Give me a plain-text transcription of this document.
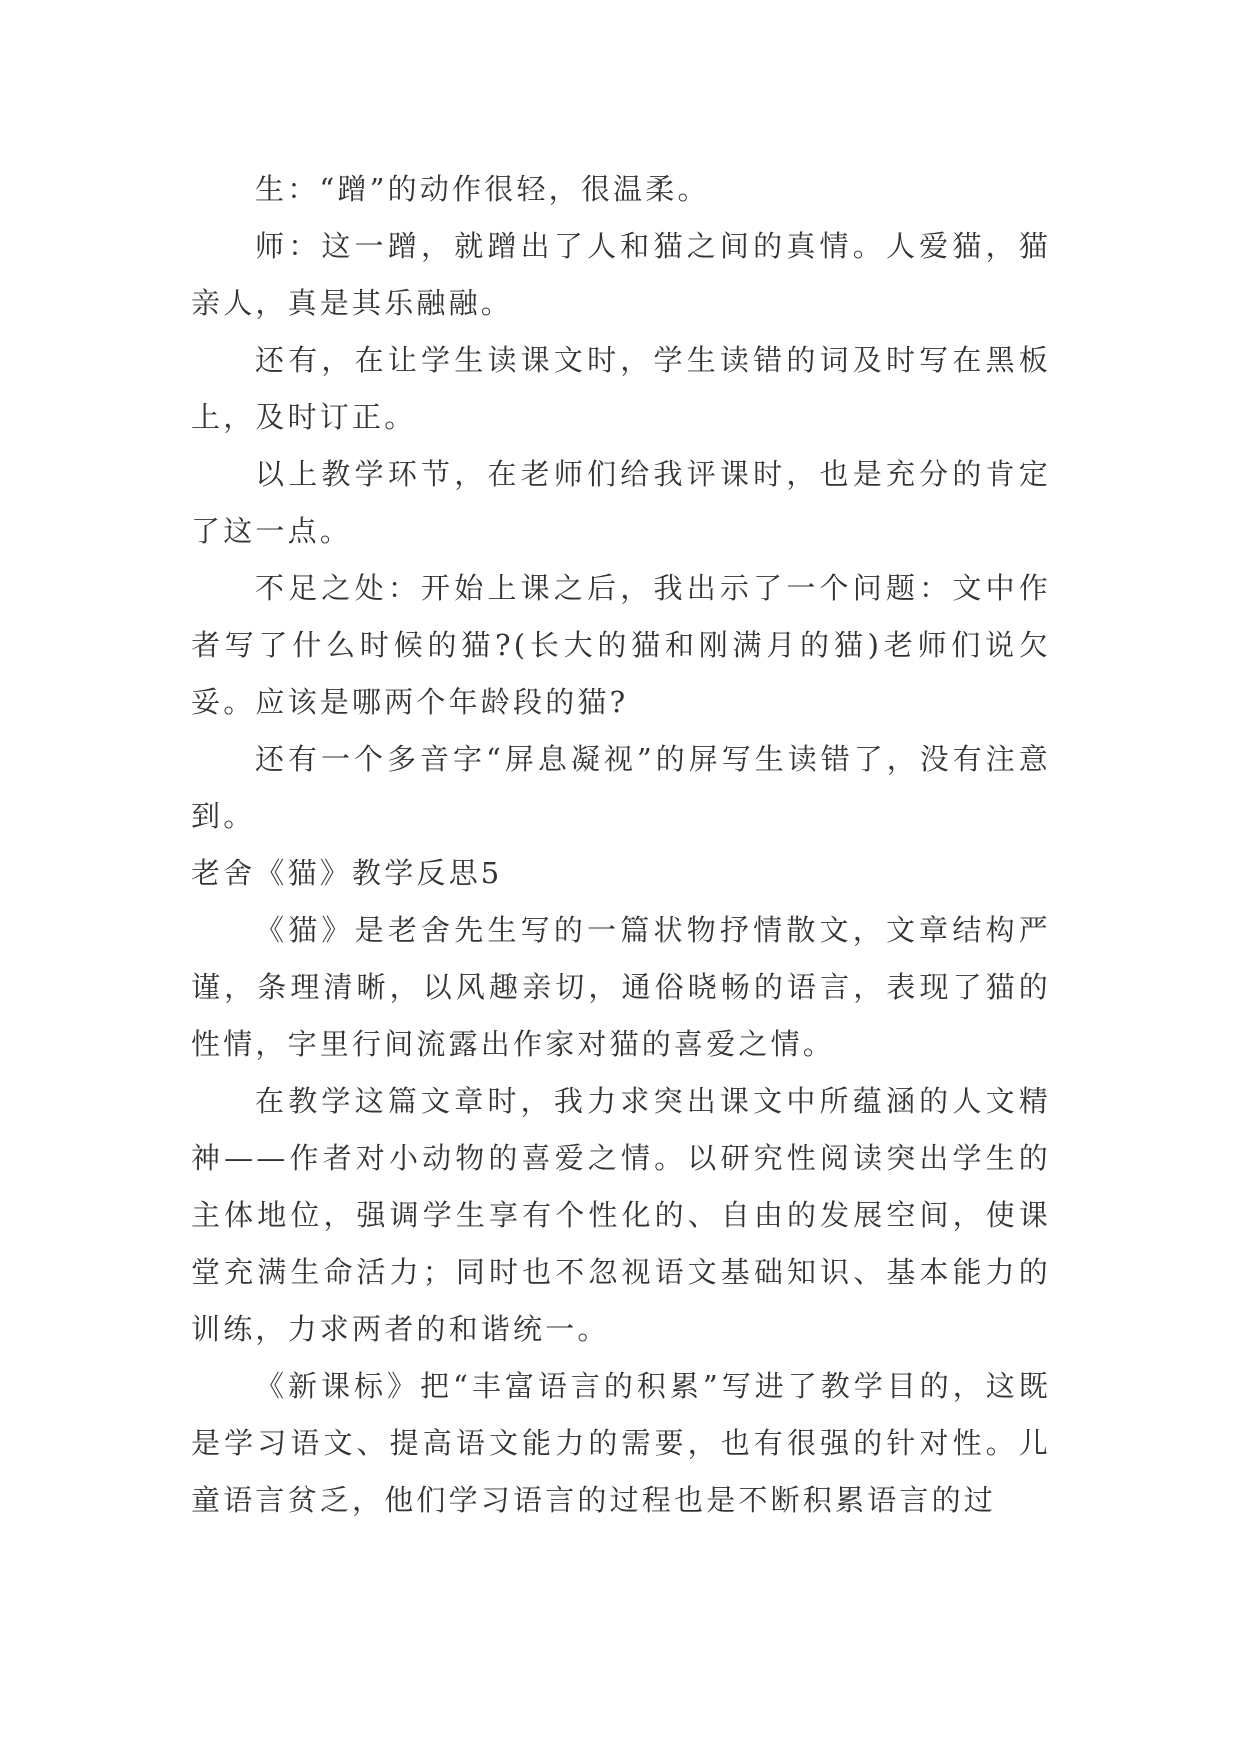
生：“蹭”的动作很轻，很温柔。

师：这一蹭，就蹭出了人和猫之间的真情。人爱猫，猫亲人，真是其乐融融。

还有，在让学生读课文时，学生读错的词及时写在黑板上，及时订正。

以上教学环节，在老师们给我评课时，也是充分的肯定了这一点。

不足之处：开始上课之后，我出示了一个问题：文中作者写了什么时候的猫?(长大的猫和刚满月的猫)老师们说欠妥。应该是哪两个年龄段的猫?

还有一个多音字“屏息凝视”的屏写生读错了，没有注意到。

老舍《猫》教学反思5

《猫》是老舍先生写的一篇状物抒情散文，文章结构严谨，条理清晰，以风趣亲切，通俗晓畅的语言，表现了猫的性情，字里行间流露出作家对猫的喜爱之情。

在教学这篇文章时，我力求突出课文中所蕴涵的人文精神——作者对小动物的喜爱之情。以研究性阅读突出学生的主体地位，强调学生享有个性化的、自由的发展空间，使课堂充满生命活力；同时也不忽视语文基础知识、基本能力的训练，力求两者的和谐统一。

《新课标》把“丰富语言的积累”写进了教学目的，这既是学习语文、提高语文能力的需要，也有很强的针对性。儿童语言贫乏，他们学习语言的过程也是不断积累语言的过
